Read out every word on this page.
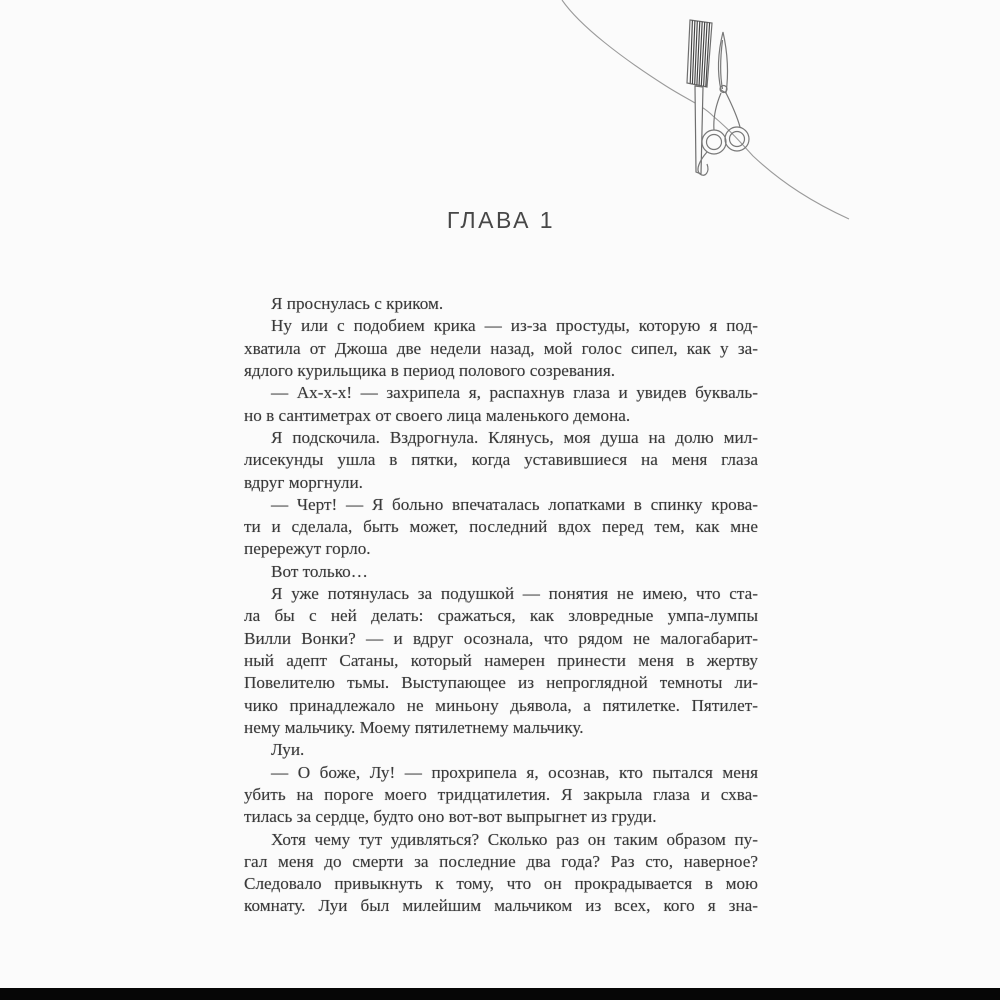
ГЛАВА 1
Я проснулась с криком.
Ну или с подобием крика — из-за простуды, которую я под-
хватила от Джоша две недели назад, мой голос сипел, как у за-
ядлого курильщика в период полового созревания.
— Ах-х-х! — захрипела я, распахнув глаза и увидев букваль-
но в сантиметрах от своего лица маленького демона.
Я подскочила. Вздрогнула. Клянусь, моя душа на долю мил-
лисекунды ушла в пятки, когда уставившиеся на меня глаза
вдруг моргнули.
— Черт! — Я больно впечаталась лопатками в спинку крова-
ти и сделала, быть может, последний вдох перед тем, как мне
перережут горло.
Вот только…
Я уже потянулась за подушкой — понятия не имею, что ста-
ла бы с ней делать: сражаться, как зловредные умпа-лумпы
Вилли Вонки? — и вдруг осознала, что рядом не малогабарит-
ный адепт Сатаны, который намерен принести меня в жертву
Повелителю тьмы. Выступающее из непроглядной темноты ли-
чико принадлежало не миньону дьявола, а пятилетке. Пятилет-
нему мальчику. Моему пятилетнему мальчику.
Луи.
— О боже, Лу! — прохрипела я, осознав, кто пытался меня
убить на пороге моего тридцатилетия. Я закрыла глаза и схва-
тилась за сердце, будто оно вот-вот выпрыгнет из груди.
Хотя чему тут удивляться? Сколько раз он таким образом пу-
гал меня до смерти за последние два года? Раз сто, наверное?
Следовало привыкнуть к тому, что он прокрадывается в мою
комнату. Луи был милейшим мальчиком из всех, кого я зна-
